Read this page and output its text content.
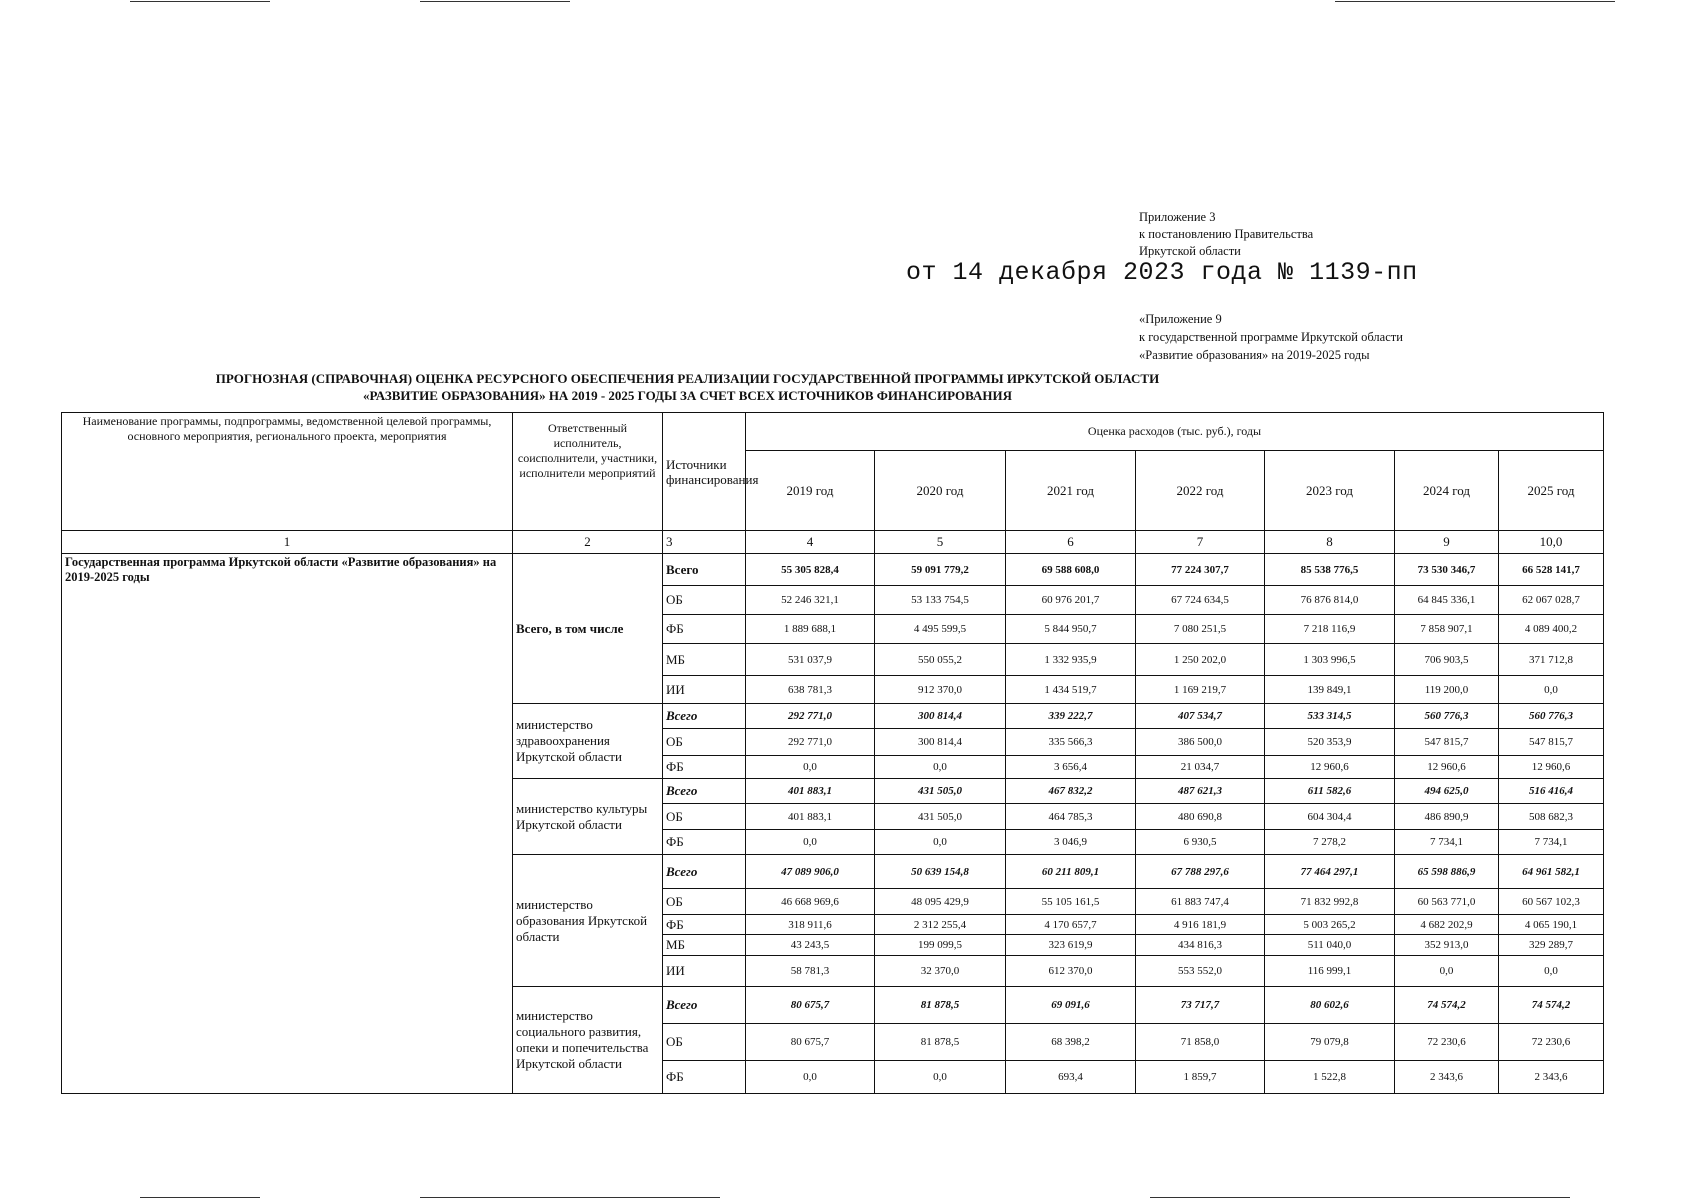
Приложение 3
к постановлению Правительства
Иркутской области
от 14 декабря 2023 года № 1139-пп
«Приложение 9
к государственной программе Иркутской области
«Развитие образования» на 2019-2025 годы
ПРОГНОЗНАЯ (СПРАВОЧНАЯ) ОЦЕНКА РЕСУРСНОГО ОБЕСПЕЧЕНИЯ РЕАЛИЗАЦИИ ГОСУДАРСТВЕННОЙ ПРОГРАММЫ ИРКУТСКОЙ ОБЛАСТИ
«РАЗВИТИЕ ОБРАЗОВАНИЯ» НА 2019 - 2025 ГОДЫ ЗА СЧЕТ ВСЕХ ИСТОЧНИКОВ ФИНАНСИРОВАНИЯ
Наименование программы, подпрограммы, ведомственной целевой программы, основного мероприятия, регионального проекта, мероприятия	Ответственный исполнитель, соисполнители, участники, исполнители мероприятий	Источники финансирования	Оценка расходов (тыс. руб.), годы						
			2019 год	2020 год	2021 год	2022 год	2023 год	2024 год	2025 год
1	2	3	4	5	6	7	8	9	10,0
Государственная программа Иркутской области «Развитие образования» на 2019-2025 годы	Всего, в том числе	Всего	55 305 828,4	59 091 779,2	69 588 608,0	77 224 307,7	85 538 776,5	73 530 346,7	66 528 141,7
		ОБ	52 246 321,1	53 133 754,5	60 976 201,7	67 724 634,5	76 876 814,0	64 845 336,1	62 067 028,7
		ФБ	1 889 688,1	4 495 599,5	5 844 950,7	7 080 251,5	7 218 116,9	7 858 907,1	4 089 400,2
		МБ	531 037,9	550 055,2	1 332 935,9	1 250 202,0	1 303 996,5	706 903,5	371 712,8
		ИИ	638 781,3	912 370,0	1 434 519,7	1 169 219,7	139 849,1	119 200,0	0,0
	министерство здравоохранения Иркутской области	Всего	292 771,0	300 814,4	339 222,7	407 534,7	533 314,5	560 776,3	560 776,3
		ОБ	292 771,0	300 814,4	335 566,3	386 500,0	520 353,9	547 815,7	547 815,7
		ФБ	0,0	0,0	3 656,4	21 034,7	12 960,6	12 960,6	12 960,6
	министерство культуры Иркутской области	Всего	401 883,1	431 505,0	467 832,2	487 621,3	611 582,6	494 625,0	516 416,4
		ОБ	401 883,1	431 505,0	464 785,3	480 690,8	604 304,4	486 890,9	508 682,3
		ФБ	0,0	0,0	3 046,9	6 930,5	7 278,2	7 734,1	7 734,1
	министерство образования Иркутской области	Всего	47 089 906,0	50 639 154,8	60 211 809,1	67 788 297,6	77 464 297,1	65 598 886,9	64 961 582,1
		ОБ	46 668 969,6	48 095 429,9	55 105 161,5	61 883 747,4	71 832 992,8	60 563 771,0	60 567 102,3
		ФБ	318 911,6	2 312 255,4	4 170 657,7	4 916 181,9	5 003 265,2	4 682 202,9	4 065 190,1
		МБ	43 243,5	199 099,5	323 619,9	434 816,3	511 040,0	352 913,0	329 289,7
		ИИ	58 781,3	32 370,0	612 370,0	553 552,0	116 999,1	0,0	0,0
	министерство социального развития, опеки и попечительства Иркутской области	Всего	80 675,7	81 878,5	69 091,6	73 717,7	80 602,6	74 574,2	74 574,2
		ОБ	80 675,7	81 878,5	68 398,2	71 858,0	79 079,8	72 230,6	72 230,6
		ФБ	0,0	0,0	693,4	1 859,7	1 522,8	2 343,6	2 343,6
